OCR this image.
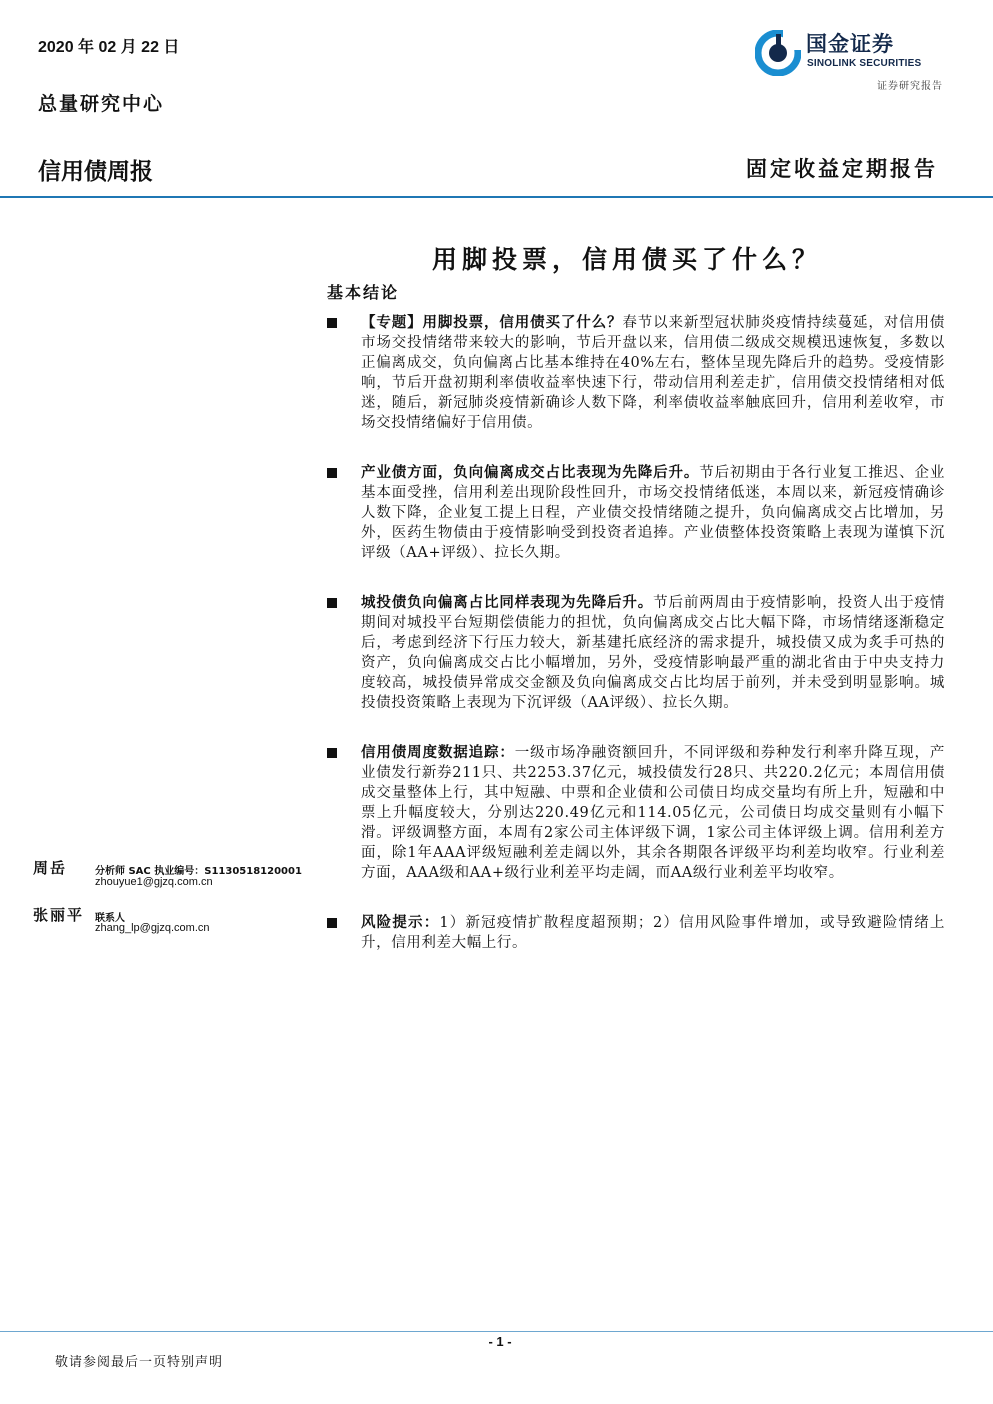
2020 年 02 月 22 日
总量研究中心
国金证券
SINOLINK SECURITIES
证券研究报告
信用债周报	固定收益定期报告
用脚投票，信用债买了什么？
基本结论
【专题】用脚投票，信用债买了什么？春节以来新型冠状肺炎疫情持续蔓延，对信用债市场交投情绪带来较大的影响，节后开盘以来，信用债二级成交规模迅速恢复，多数以正偏离成交，负向偏离占比基本维持在40%左右，整体呈现先降后升的趋势。受疫情影响，节后开盘初期利率债收益率快速下行，带动信用利差走扩，信用债交投情绪相对低迷，随后，新冠肺炎疫情新确诊人数下降，利率债收益率触底回升，信用利差收窄，市场交投情绪偏好于信用债。
产业债方面，负向偏离成交占比表现为先降后升。节后初期由于各行业复工推迟、企业基本面受挫，信用利差出现阶段性回升，市场交投情绪低迷，本周以来，新冠疫情确诊人数下降，企业复工提上日程，产业债交投情绪随之提升，负向偏离成交占比增加，另外，医药生物债由于疫情影响受到投资者追捧。产业债整体投资策略上表现为谨慎下沉评级（AA+评级）、拉长久期。
城投债负向偏离占比同样表现为先降后升。节后前两周由于疫情影响，投资人出于疫情期间对城投平台短期偿债能力的担忧，负向偏离成交占比大幅下降，市场情绪逐渐稳定后，考虑到经济下行压力较大，新基建托底经济的需求提升，城投债又成为炙手可热的资产，负向偏离成交占比小幅增加，另外，受疫情影响最严重的湖北省由于中央支持力度较高，城投债异常成交金额及负向偏离成交占比均居于前列，并未受到明显影响。城投债投资策略上表现为下沉评级（AA评级）、拉长久期。
信用债周度数据追踪：一级市场净融资额回升，不同评级和券种发行利率升降互现，产业债发行新券211只、共2253.37亿元，城投债发行28只、共220.2亿元；本周信用债成交量整体上行，其中短融、中票和企业债和公司债日均成交量均有所上升，短融和中票上升幅度较大，分别达220.49亿元和114.05亿元，公司债日均成交量则有小幅下滑。评级调整方面，本周有2家公司主体评级下调，1家公司主体评级上调。信用利差方面，除1年AAA评级短融利差走阔以外，其余各期限各评级平均利差均收窄。行业利差方面，AAA级和AA+级行业利差平均走阔，而AA级行业利差平均收窄。
风险提示：1）新冠疫情扩散程度超预期；2）信用风险事件增加，或导致避险情绪上升，信用利差大幅上行。
周岳	分析师 SAC 执业编号：S1130518120001
zhouyue1@gjzq.com.cn
张丽平 联系人
zhang_lp@gjzq.com.cn
- 1 -
敬请参阅最后一页特别声明
